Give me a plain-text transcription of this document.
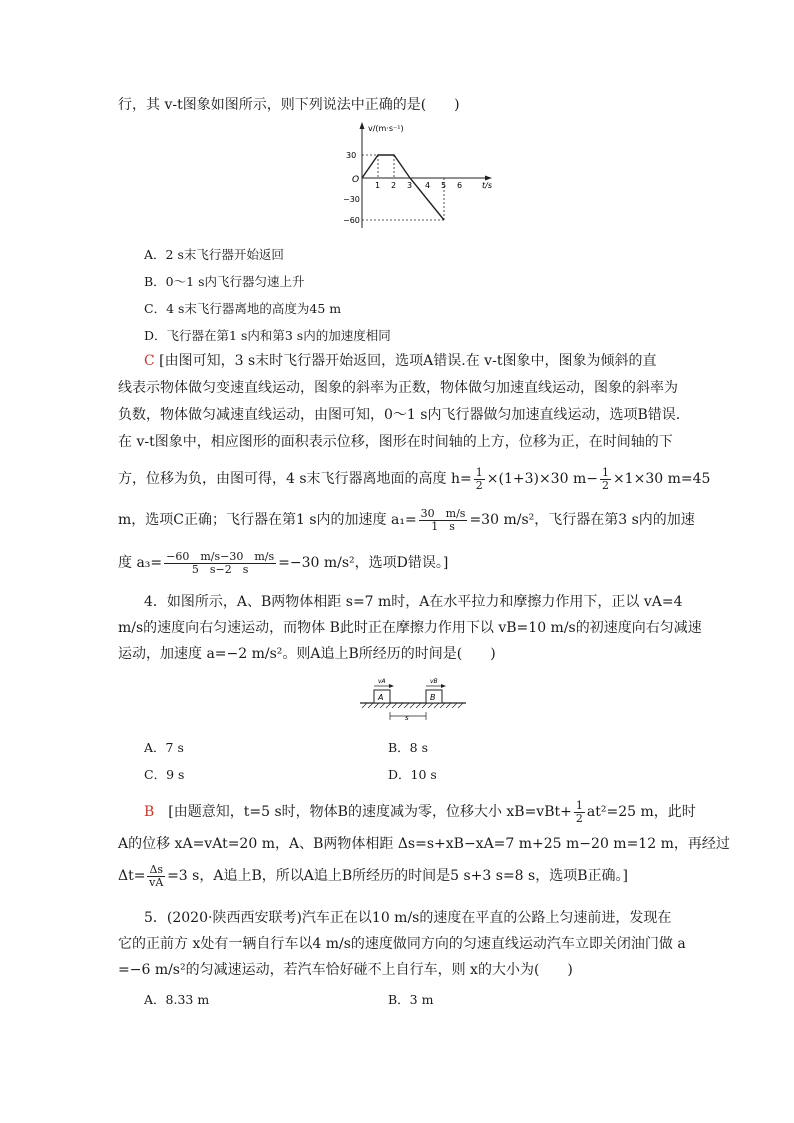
行，其 v-t图象如图所示，则下列说法中正确的是(　　)
v/(m·s⁻¹)
t/s
O
30
−30
−60
1 2 3 4 5 6
A．2 s末飞行器开始返回
B．0～1 s内飞行器匀速上升
C．4 s末飞行器离地的高度为45 m
D．飞行器在第1 s内和第3 s内的加速度相同
C [由图可知，3 s末时飞行器开始返回，选项A错误.在 v-t图象中，图象为倾斜的直
线表示物体做匀变速直线运动，图象的斜率为正数，物体做匀加速直线运动，图象的斜率为
负数，物体做匀减速直线运动，由图可知，0～1 s内飞行器做匀加速直线运动，选项B错误.
在 v-t图象中，相应图形的面积表示位移，图形在时间轴的上方，位移为正，在时间轴的下
方，位移为负，由图可得，4 s末飞行器离地面的高度 $h= \frac{1}{2} \times(1+3)\times 30$ $m- \frac{1}{2} \times 1\times 30$ m=45
m，选项C正确；飞行器在第1 s内的加速度 $a_1= \frac{30 m/s}{1 s} =30$ m/s²，飞行器在第3 s内的加速
度 $a_3= \frac{-60 m/s-30 m/s}{5 s-2 s} =-30$ m/s²，选项D错误。]
4．如图所示，A、B两物体相距 s=7 m时，A在水平拉力和摩擦力作用下，正以 vA=4
m/s的速度向右匀速运动，而物体 B此时正在摩擦力作用下以 vB=10 m/s的初速度向右匀减速
运动，加速度 a=−2 m/s²。则A追上B所经历的时间是(　　)
A	B
vA	vB
s
A．7 s	B．8 s
C．9 s	D．10 s
B　 [由题意知，t=5 s时，物体B的速度减为零，位移大小 $xB=vBt+ \frac{1}{2} at^2=25$ m，此时
A的位移 xA=vAt=20 m，A、B两物体相距 Δs=s+xB−xA=7 m+25 m−20 m=12 m，再经过
$\Delta t= \frac{\Delta s}{vA} =3$ s，A追上B，所以A追上B所经历的时间是5 s+3 s=8 s，选项B正确。]
5．(2020·陕西西安联考)汽车正在以10 m/s的速度在平直的公路上匀速前进，发现在
它的正前方 x处有一辆自行车以4 m/s的速度做同方向的匀速直线运动汽车立即关闭油门做 a
=−6 m/s²的匀减速运动，若汽车恰好碰不上自行车，则 x的大小为(　　)
A．8.33 m	B．3 m
